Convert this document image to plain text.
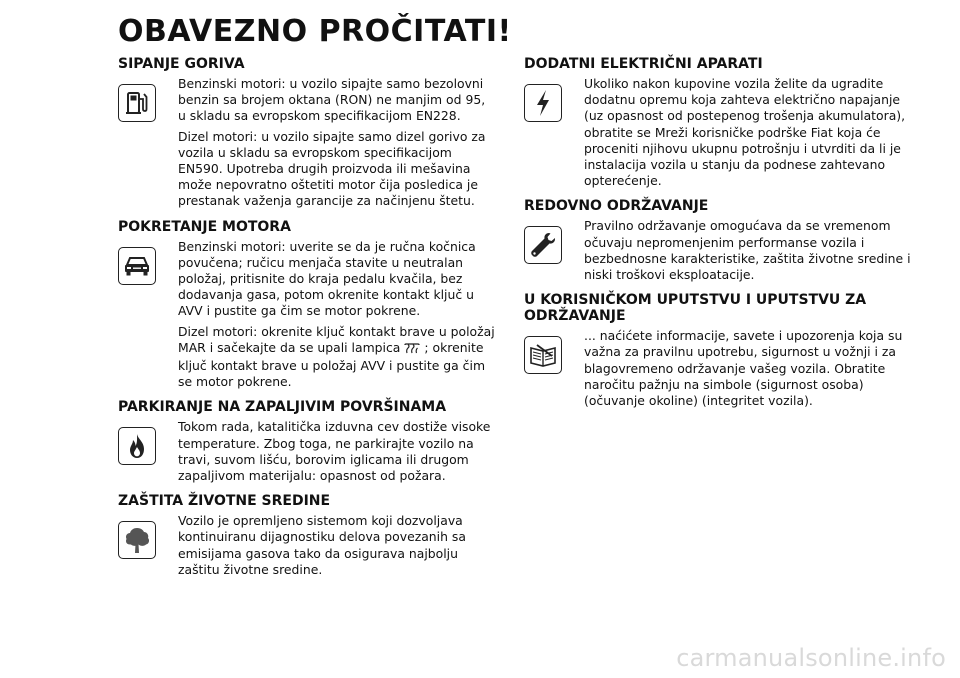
OBAVEZNO PROČITATI!
SIPANJE GORIVA

Benzinski motori: u vozilo sipajte samo bezolovni benzin sa brojem oktana (RON) ne manjim od 95, u skladu sa evropskom specifikacijom EN228.

Dizel motori: u vozilo sipajte samo dizel gorivo za vozila u skladu sa evropskom specifikacijom EN590. Upotreba drugih proizvoda ili mešavina može nepovratno oštetiti motor čija posledica je prestanak važenja garancije za načinjenu štetu.

POKRETANJE MOTORA

Benzinski motori: uverite se da je ručna kočnica povučena; ručicu menjača stavite u neutralan položaj, pritisnite do kraja pedalu kvačila, bez dodavanja gasa, potom okrenite kontakt ključ u AVV i pustite ga čim se motor pokrene.

Dizel motori: okrenite ključ kontakt brave u položaj MAR i sačekajte da se upali lampica ; okrenite ključ kontakt brave u položaj AVV i pustite ga čim se motor pokrene.

PARKIRANJE NA ZAPALJIVIM POVRŠINAMA

Tokom rada, katalitička izduvna cev dostiže visoke temperature. Zbog toga, ne parkirajte vozilo na travi, suvom lišću, borovim iglicama ili drugom zapaljivom materijalu: opasnost od požara.

ZAŠTITA ŽIVOTNE SREDINE

Vozilo je opremljeno sistemom koji dozvoljava kontinuiranu dijagnostiku delova povezanih sa emisijama gasova tako da osigurava najbolju zaštitu životne sredine.

DODATNI ELEKTRIČNI APARATI

Ukoliko nakon kupovine vozila želite da ugradite dodatnu opremu koja zahteva električno napajanje (uz opasnost od postepenog trošenja akumulatora), obratite se Mreži korisničke podrške Fiat koja će proceniti njihovu ukupnu potrošnju i utvrditi da li je instalacija vozila u stanju da podnese zahtevano opterećenje.

REDOVNO ODRŽAVANJE

Pravilno održavanje omogućava da se vremenom očuvaju nepromenjenim performanse vozila i bezbednosne karakteristike, zaštita životne sredine i niski troškovi eksploatacije.

U KORISNIČKOM UPUTSTVU I UPUTSTVU ZA ODRŽAVANJE

... naćićete informacije, savete i upozorenja koja su važna za pravilnu upotrebu, sigurnost u vožnji i za blagovremeno održavanje vašeg vozila. Obratite naročitu pažnju na simbole (sigurnost osoba) (očuvanje okoline) (integritet vozila).

carmanualsonline.info
